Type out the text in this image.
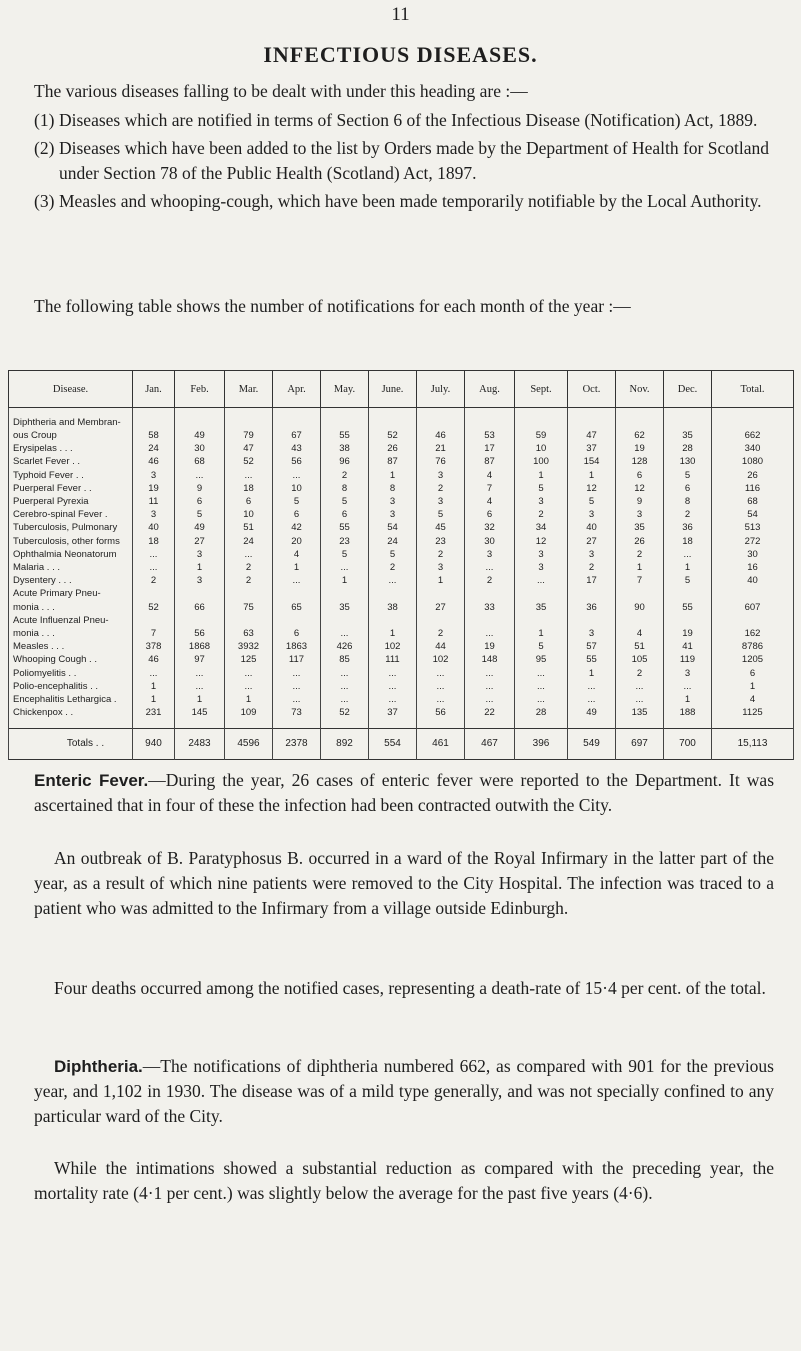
11
INFECTIOUS DISEASES.
The various diseases falling to be dealt with under this heading are :—
(1) Diseases which are notified in terms of Section 6 of the Infectious Disease (Notification) Act, 1889.
(2) Diseases which have been added to the list by Orders made by the Department of Health for Scotland under Section 78 of the Public Health (Scotland) Act, 1897.
(3) Measles and whooping-cough, which have been made temporarily notifiable by the Local Authority.
The following table shows the number of notifications for each month of the year :—
Disease.	Jan.	Feb.	Mar.	Apr.	May.	June.	July.	Aug.	Sept.	Oct.	Nov.	Dec.	Total.

Diphtheria and Membran-													
ous Croup	58	49	79	67	55	52	46	53	59	47	62	35	662
Erysipelas . . .	24	30	47	43	38	26	21	17	10	37	19	28	340
Scarlet Fever . .	46	68	52	56	96	87	76	87	100	154	128	130	1080
Typhoid Fever . .	3	...	...	...	2	1	3	4	1	1	6	5	26
Puerperal Fever . .	19	9	18	10	8	8	2	7	5	12	12	6	116
Puerperal Pyrexia	11	6	6	5	5	3	3	4	3	5	9	8	68
Cerebro-spinal Fever .	3	5	10	6	6	3	5	6	2	3	3	2	54
Tuberculosis, Pulmonary	40	49	51	42	55	54	45	32	34	40	35	36	513
Tuberculosis, other forms	18	27	24	20	23	24	23	30	12	27	26	18	272
Ophthalmia Neonatorum	...	3	...	4	5	5	2	3	3	3	2	...	30
Malaria . . .	...	1	2	1	...	2	3	...	3	2	1	1	16
Dysentery . . .	2	3	2	...	1	...	1	2	...	17	7	5	40
Acute Primary Pneu-													
monia . . .	52	66	75	65	35	38	27	33	35	36	90	55	607
Acute Influenzal Pneu-													
monia . . .	7	56	63	6	...	1	2	...	1	3	4	19	162
Measles . . .	378	1868	3932	1863	426	102	44	19	5	57	51	41	8786
Whooping Cough . .	46	97	125	117	85	111	102	148	95	55	105	119	1205
Poliomyelitis . .	...	...	...	...	...	...	...	...	...	1	2	3	6
Polio-encephalitis . .	1	...	...	...	...	...	...	...	...	...	...	...	1
Encephalitis Lethargica .	1	1	1	...	...	...	...	...	...	...	...	1	4
Chickenpox . .	231	145	109	73	52	37	56	22	28	49	135	188	1125

Totals . .	940	2483	4596	2378	892	554	461	467	396	549	697	700	15,113
Enteric Fever.—During the year, 26 cases of enteric fever were reported to the Department. It was ascertained that in four of these the infection had been contracted outwith the City.
An outbreak of B. Paratyphosus B. occurred in a ward of the Royal Infirmary in the latter part of the year, as a result of which nine patients were removed to the City Hospital. The infection was traced to a patient who was admitted to the Infirmary from a village outside Edinburgh.
Four deaths occurred among the notified cases, representing a death-rate of 15·4 per cent. of the total.
Diphtheria.—The notifications of diphtheria numbered 662, as compared with 901 for the previous year, and 1,102 in 1930. The disease was of a mild type generally, and was not specially confined to any particular ward of the City.
While the intimations showed a substantial reduction as compared with the preceding year, the mortality rate (4·1 per cent.) was slightly below the average for the past five years (4·6).
